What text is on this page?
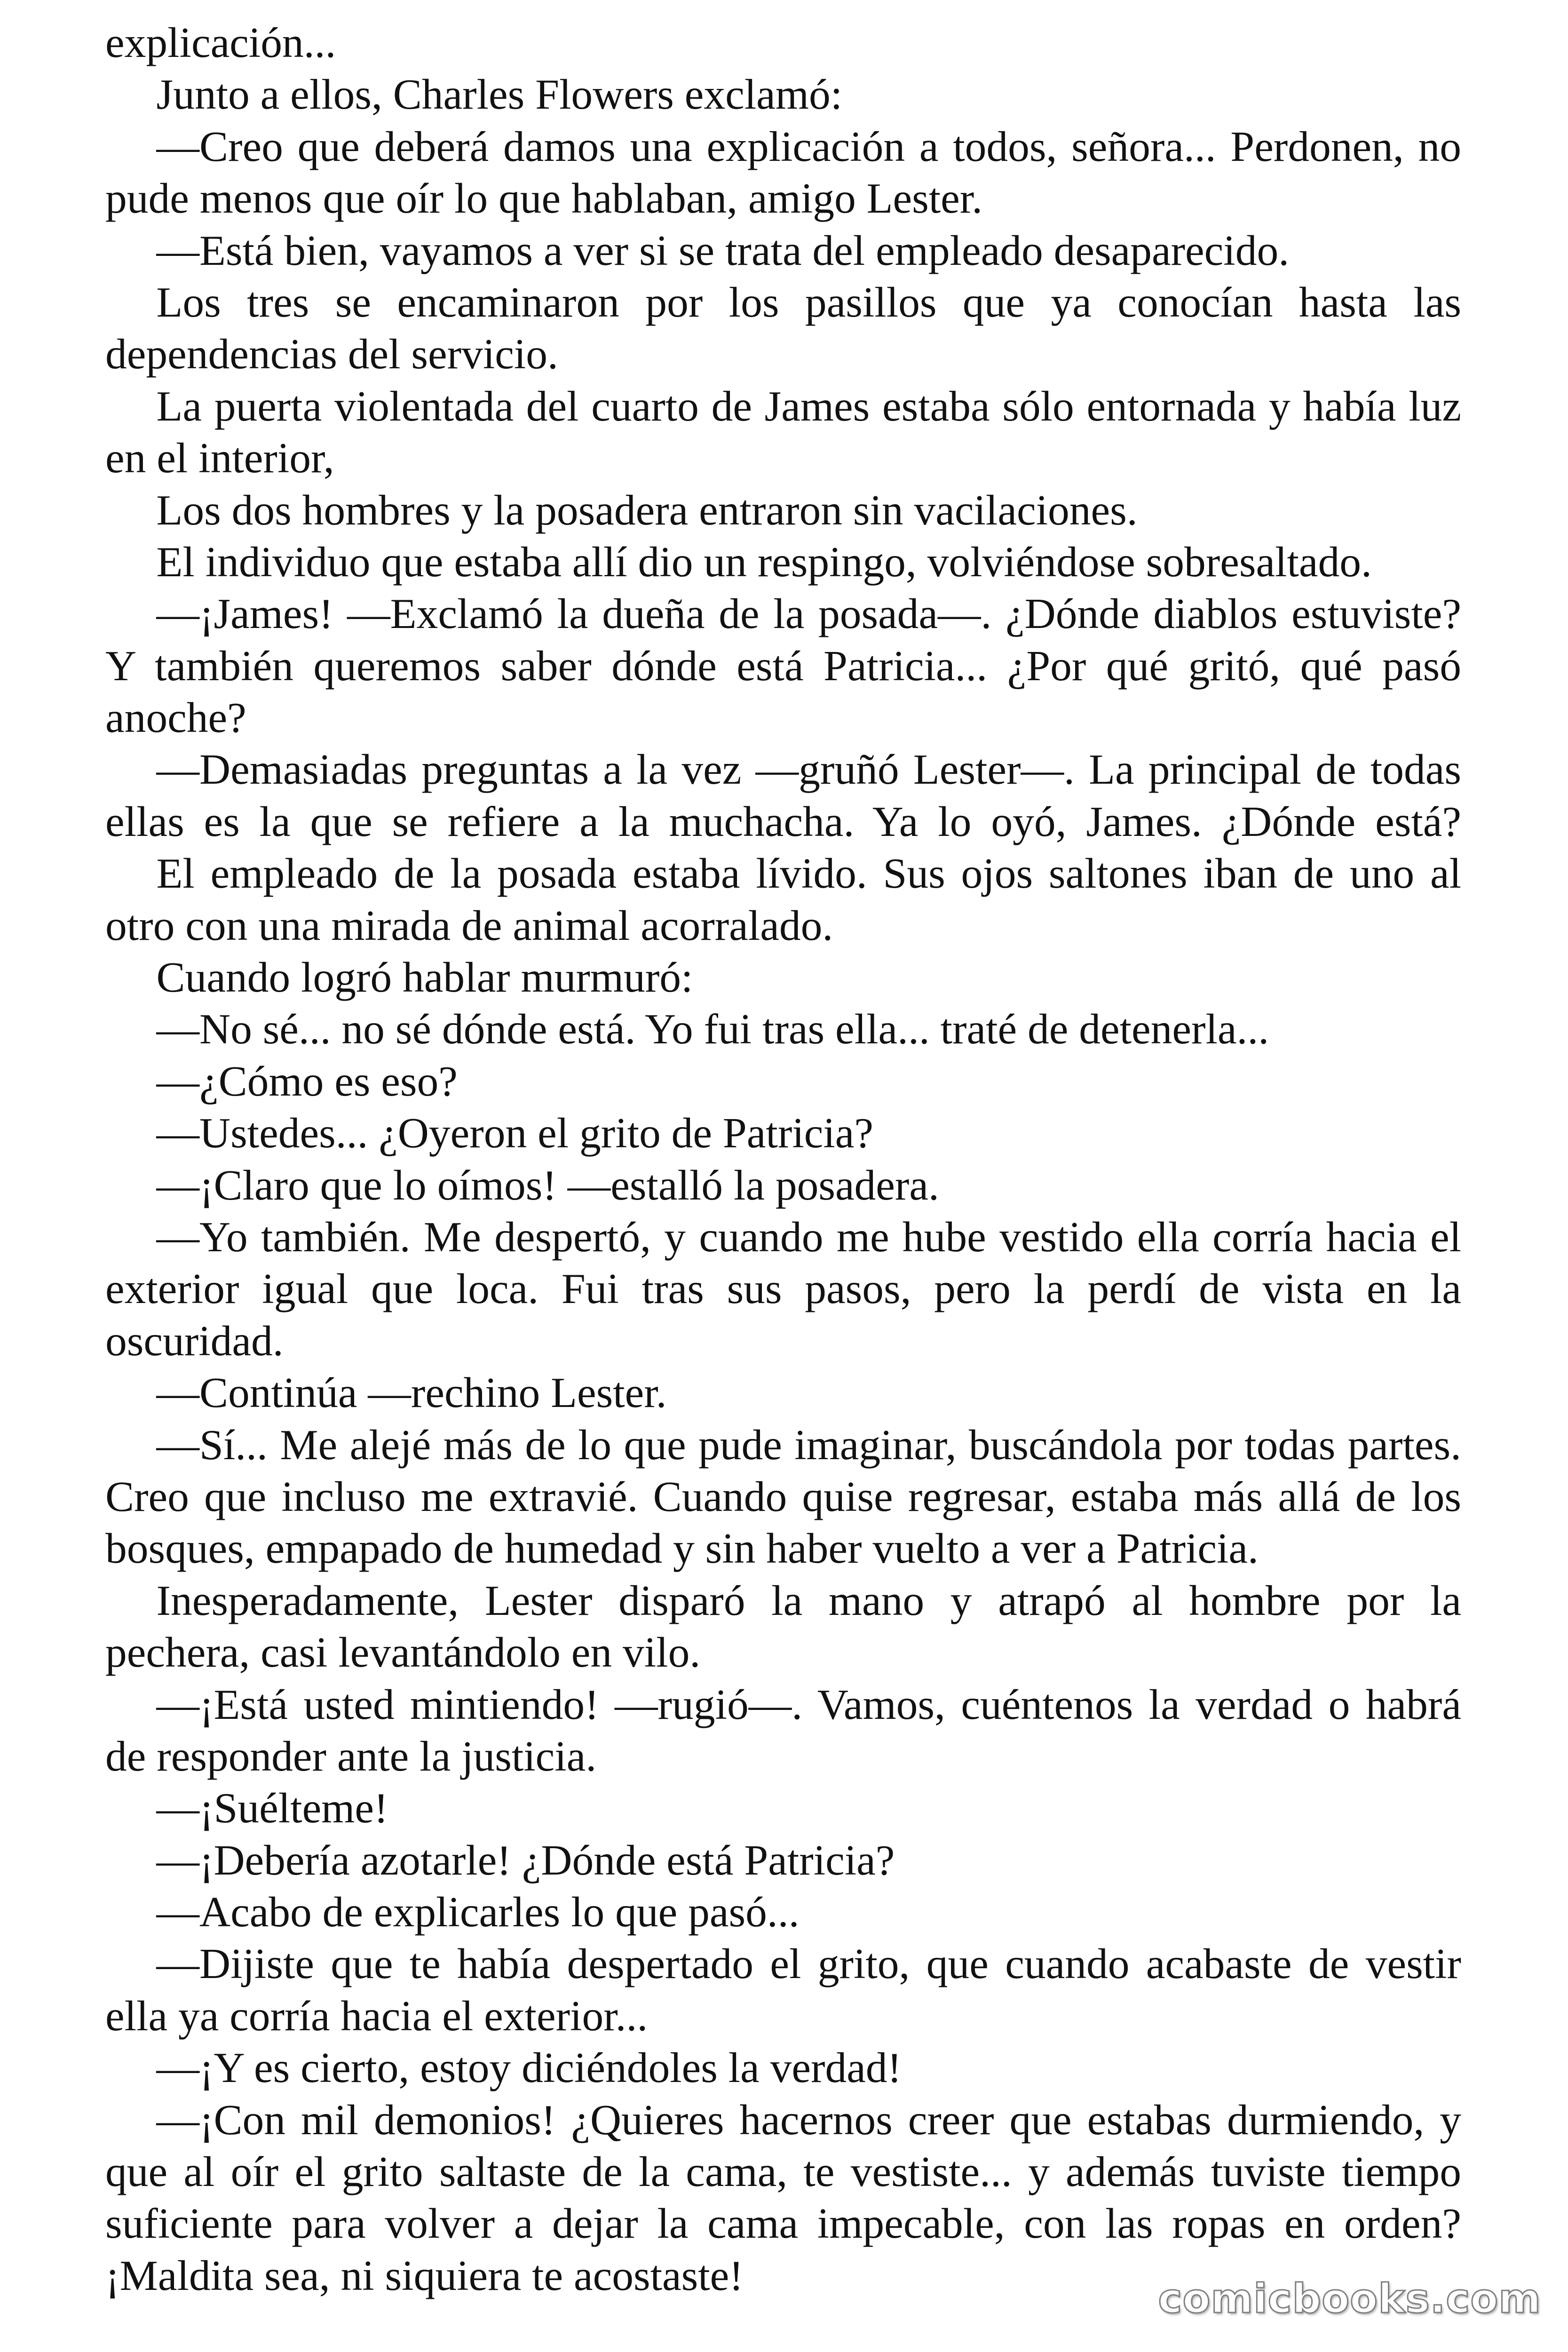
explicación...
Junto a ellos, Charles Flowers exclamó:
—Creo que deberá damos una explicación a todos, señora... Perdonen, no
pude menos que oír lo que hablaban, amigo Lester.
—Está bien, vayamos a ver si se trata del empleado desaparecido.
Los tres se encaminaron por los pasillos que ya conocían hasta las
dependencias del servicio.
La puerta violentada del cuarto de James estaba sólo entornada y había luz
en el interior,
Los dos hombres y la posadera entraron sin vacilaciones.
El individuo que estaba allí dio un respingo, volviéndose sobresaltado.
—¡James! —Exclamó la dueña de la posada—. ¿Dónde diablos estuviste?
Y también queremos saber dónde está Patricia... ¿Por qué gritó, qué pasó
anoche?
—Demasiadas preguntas a la vez —gruñó Lester—. La principal de todas
ellas es la que se refiere a la muchacha. Ya lo oyó, James. ¿Dónde está?
El empleado de la posada estaba lívido. Sus ojos saltones iban de uno al
otro con una mirada de animal acorralado.
Cuando logró hablar murmuró:
—No sé... no sé dónde está. Yo fui tras ella... traté de detenerla...
—¿Cómo es eso?
—Ustedes... ¿Oyeron el grito de Patricia?
—¡Claro que lo oímos! —estalló la posadera.
—Yo también. Me despertó, y cuando me hube vestido ella corría hacia el
exterior igual que loca. Fui tras sus pasos, pero la perdí de vista en la
oscuridad.
—Continúa —rechino Lester.
—Sí... Me alejé más de lo que pude imaginar, buscándola por todas partes.
Creo que incluso me extravié. Cuando quise regresar, estaba más allá de los
bosques, empapado de humedad y sin haber vuelto a ver a Patricia.
Inesperadamente, Lester disparó la mano y atrapó al hombre por la
pechera, casi levantándolo en vilo.
—¡Está usted mintiendo! —rugió—. Vamos, cuéntenos la verdad o habrá
de responder ante la justicia.
—¡Suélteme!
—¡Debería azotarle! ¿Dónde está Patricia?
—Acabo de explicarles lo que pasó...
—Dijiste que te había despertado el grito, que cuando acabaste de vestir
ella ya corría hacia el exterior...
—¡Y es cierto, estoy diciéndoles la verdad!
—¡Con mil demonios! ¿Quieres hacernos creer que estabas durmiendo, y
que al oír el grito saltaste de la cama, te vestiste... y además tuviste tiempo
suficiente para volver a dejar la cama impecable, con las ropas en orden?
¡Maldita sea, ni siquiera te acostaste!	comicbooks.com
